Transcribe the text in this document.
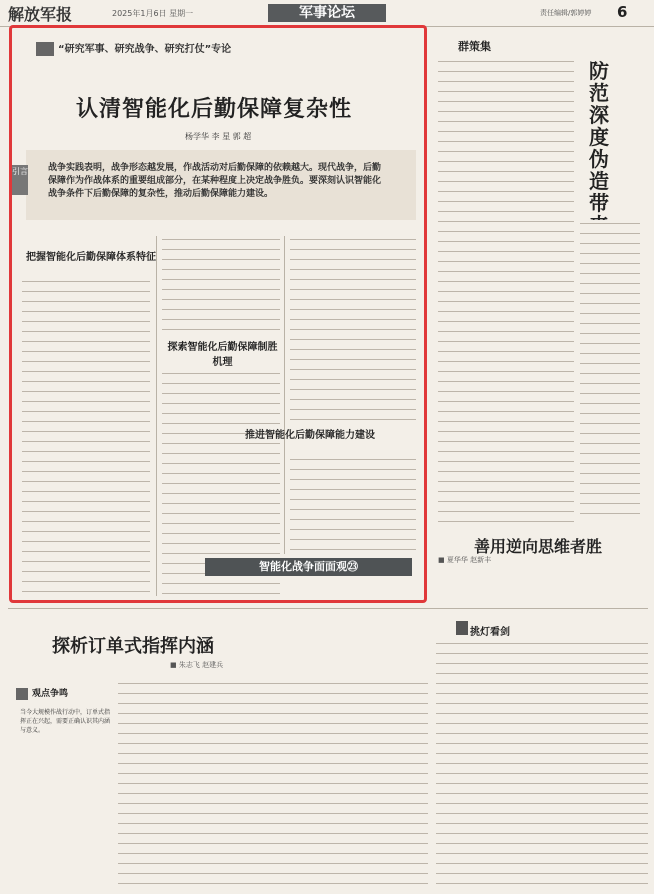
解放军报	2025年1月6日 星期一	军事论坛	责任编辑/郭婷婷 6
“研究军事、研究战争、研究打仗”专论
认清智能化后勤保障复杂性
杨学华 李 星 郭 超
引言 战争实践表明，战争形态越发展，作战活动对后勤保障的依赖越大。现代战争，后勤保障作为作战体系的重要组成部分，在某种程度上决定战争胜负。要深刻认识智能化战争条件下后勤保障的复杂性，推动后勤保障能力建设。
把握智能化后勤保障体系特征
探索智能化后勤保障制胜机理
推进智能化后勤保障能力建设
智能化战争面面观㉓
群策集
防范深度伪造带
善用逆向思维者胜
■ 夏华华 赵新丰
探析订单式指挥内涵
■ 朱志飞 赵建兵
观点争鸣
当今大规模作战行动中，订单式指挥正在兴起，需要正确认识其内涵与意义。
挑灯看剑
